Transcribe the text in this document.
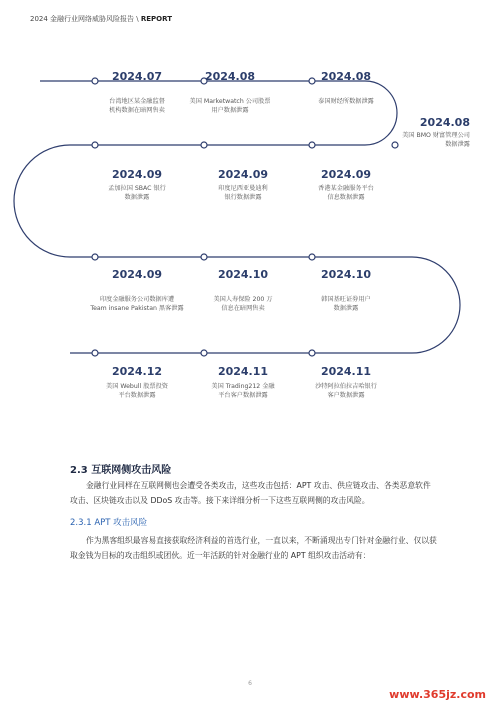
2024 金融行业网络威胁风险报告 \ REPORT
2024.07
台湾地区某金融监督
机构数据在暗网售卖
2024.08
美国 Marketwatch 公司股票
用户数据泄露
2024.08
泰国财经所数据泄露
2024.08
美国 BMO 财富管理公司
数据泄露
2024.09
孟加拉国 SBAC 银行
数据泄露
2024.09
印度尼西亚曼迪利
银行数据泄露
2024.09
香港某金融服务平台
信息数据泄露
2024.09
印度金融服务公司数据库遭
Team insane Pakistan 黑客泄露
2024.10
美国人寿保险 200 万
信息在暗网售卖
2024.10
韩国基旺证券用户
数据泄露
2024.12
美国 Webull 股票投资
平台数据泄露
2024.11
美国 Trading212 金融
平台客户数据泄露
2024.11
沙特阿拉伯拉吉哈银行
客户数据泄露
2.3 互联网侧攻击风险
金融行业同样在互联网侧也会遭受各类攻击，这些攻击包括：APT 攻击、供应链攻击、各类恶意软件攻击、区块链攻击以及 DDoS 攻击等。接下来详细分析一下这些互联网侧的攻击风险。
2.3.1 APT 攻击风险
作为黑客组织最容易直接获取经济利益的首选行业，一直以来，不断涌现出专门针对金融行业、仅以获取金钱为目标的攻击组织或团伙。近一年活跃的针对金融行业的 APT 组织攻击活动有：
6
www.365jz.com
